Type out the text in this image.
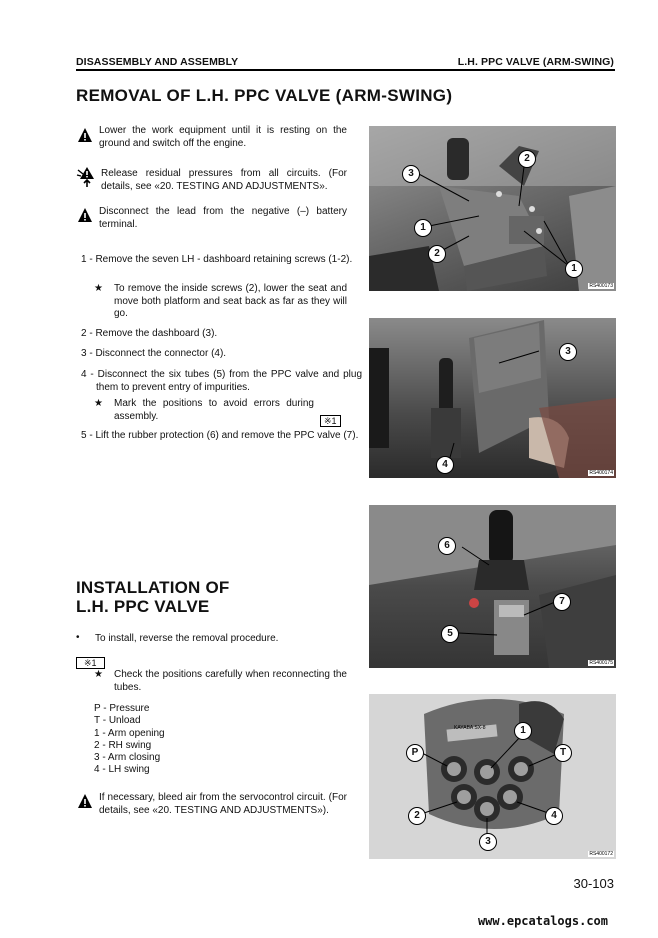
DISASSEMBLY AND ASSEMBLY	L.H. PPC VALVE (ARM-SWING)
REMOVAL OF L.H. PPC VALVE (ARM-SWING)
Lower the work equipment until it is resting on the ground and switch off the engine.
Release residual pressures from all circuits. (For details, see «20. TESTING AND ADJUSTMENTS».
Disconnect the lead from the negative (–) battery terminal.
1 - Remove the seven LH - dashboard retaining screws (1-2).
★ To remove the inside screws (2), lower the seat and move both platform and seat back as far as they will go.
2 - Remove the dashboard (3).
3 - Disconnect the connector (4).
4 - Disconnect the six tubes (5) from the PPC valve and plug them to prevent entry of impurities.
★ Mark the positions to avoid errors during assembly.	※1
5 - Lift the rubber protection (6) and remove the PPC valve (7).
INSTALLATION OF
L.H. PPC VALVE
• To install, reverse the removal procedure.
※1
★ Check the positions carefully when reconnecting the tubes.
P - Pressure
T - Unload
1 - Arm opening
2 - RH swing
3 - Arm closing
4 - LH swing
If necessary, bleed air from the servocontrol circuit. (For details, see «20. TESTING AND ADJUSTMENTS»).
3
2
1
2
1
RS400173
3
4
RS400174
6
7
5
RS400175
KAYABA SX-8	1
P	T
2	4
3
RS400172
30-103
www.epcatalogs.com
